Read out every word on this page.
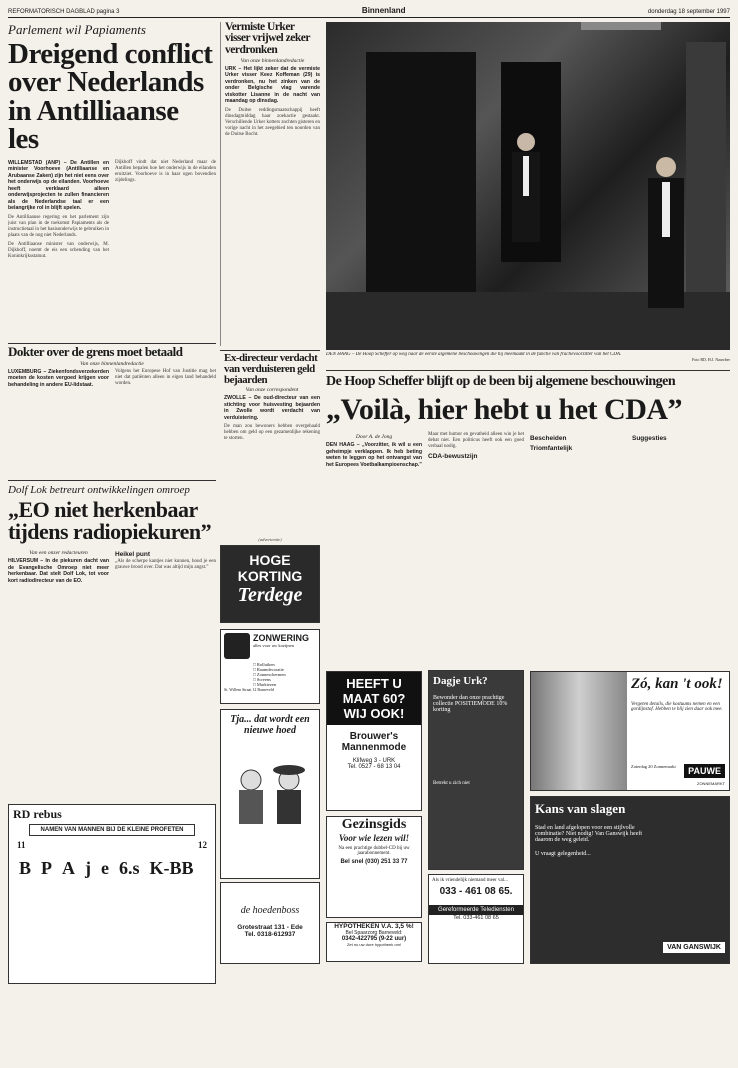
REFORMATORISCH DAGBLAD pagina 3	Binnenland	donderdag 18 september 1997
Parlement wil Papiaments
Dreigend conflict over Nederlands in Antilliaanse les

WILLEMSTAD (ANP) – De Antillen en minister Voorhoeve (Antilliaanse en Arubaanse Zaken) zijn het niet eens over het onderwijs op de eilanden. Voorhoeve heeft verklaard alleen onderwijsprojecten te zullen financieren als de Nederlandse taal er een belangrijke rol in blijft spelen.

De Antilliaanse regering en het parlement zijn juist van plan in de toekomst Papiaments als de instructietaal in het basisonderwijs te gebruiken in plaats van de nog niet Nederlands.

De Antilliaanse minister van onderwijs, M. Dijkhoff, noemt de eis een schending van het Koninkrijksstatuut.

Dijkhoff vindt dat niet Nederland maar de Antillen bepalen hoe het onderwijs in de eilanden eruitziet. Voorhoeve is in haar ogen bovendien zijdelings.

Vermiste Urker visser vrijwel zeker verdronken
Van onze binnenlandredactie

URK – Het lijkt zeker dat de vermiste Urker visser Keez Koffeman (29) is verdronken, nu het zinken van de onder Belgische vlag varende viskotter Lisanne in de nacht van maandag op dinsdag.

De Duitse reddingsmaatschappij heeft dinsdagmiddag haar zoekactie gestaakt. Verschillende Urker kotters zochten gisteren en vorige nacht in het zeegebied ten noorden van de Duitse Bocht.

DEN HAAG – De Hoop Scheffer op weg naar de eerste algemene beschouwingen die hij meemaakt in de functie van fractievoorzitter van het CDA.

Foto RD, H.J. Nauwber

Dokter over de grens moet betaald
Van onze binnenlandredactie

LUXEMBURG – Ziekenfondsverzekerden moeten de kosten vergoed krijgen voor behandeling in andere EU-lidstaat.

Volgens het Europese Hof van Justitie mag het niet dat patiënten alleen in eigen land behandeld worden.

Ex-directeur verdacht van verduisteren geld bejaarden
Van onze correspondent

ZWOLLE – De oud-directeur van een stichting voor huisvesting bejaarden in Zwolle wordt verdacht van verduistering.

De man zou bewoners hebben overgehaald hebben om geld op een gezamenlijke rekening te storten.

De Hoop Scheffer blijft op de been bij algemene beschouwingen
„Voilà, hier hebt u het CDA”
Door A. de Jong

DEN HAAG – „Voorzitter, ik wil u een geheimpje verklappen. Ik heb beting weten te leggen op het ontvangst van het Europees Voetbalkampioenschap.”

Maar met humor en gevatheid alleen win je het debat niet. Een politicus heeft ook een goed verhaal nodig.

CDA-bewustzijn
Bescheiden
Triomfantelijk
Suggesties
Dolf Lok betreurt ontwikkelingen omroep
„EO niet herkenbaar tijdens radiopiekuren”
Van een onzer redacteuren

HILVERSUM – In de piekuren dacht van de Evangelische Omroep niet meer herkenbaar. Dat stelt Dolf Lok, tot voor kort radiodirecteur van de EO.

Heikel punt

„Als de scherpe kantjes niet kunnen, houd je een grauwe brood over. Dat was altijd mijn angst.”

(advertentie)
HOGE
KORTING
Terdege
ZONWERING
alles voor uw kozijnen
□ Rolluiken
□ Raamdecoratie
□ Zonneschermen
□ Screens
□ Markiezen
St. Willem Straat 12 Barneveld
Tja... dat wordt een nieuwe hoed
de hoedenboss
Grotestraat 131 - Ede
Tel. 0318-612937
HEEFT U
MAAT 60?
WIJ OOK!
Brouwer's Mannenmode
Klifweg 3 - URK
Tel. 0527 - 68 13 04
Gezinsgids
Voor wie lezen wil!
Na een prachtige dubbel-CD bij uw jaarabonnement.
Bel snel (030) 251 33 77
HYPOTHEKEN V.A. 3,5 %!
Bel Spaarzorg Barneveld:
0342-422795 (9-22 uur)
Zet nu uw dure hypotheek om!
Dagje Urk?
Bewonder dan onze prachtige collectie POSITIEMODE 10% korting
Betrekt u zich niet
Als ik vriendelijk niemand meer val...
033 - 461 08 65.
Gereformeerde Telediensten
Tel. 033-461 08 65
Zó, kan 't ook!
Vergeten details, die kostuums nemen en een gordijnstof. Hebben te blij zien daar ook mee.
Zaterdag 20 Zonnemarkt	PAUWE
ZONNEMARKT
Kans van slagen
Stad en land afgelopen voor een stijlvolle combinatie? Niet nodig! Van Ganswijk heeft daarom de weg geleid.
U vraagt gelegenheid...
VAN GANSWIJK
RD rebus
NAMEN VAN MANNEN BIJ DE KLEINE PROFETEN
11	12
B P A j e 6.s K-BB
